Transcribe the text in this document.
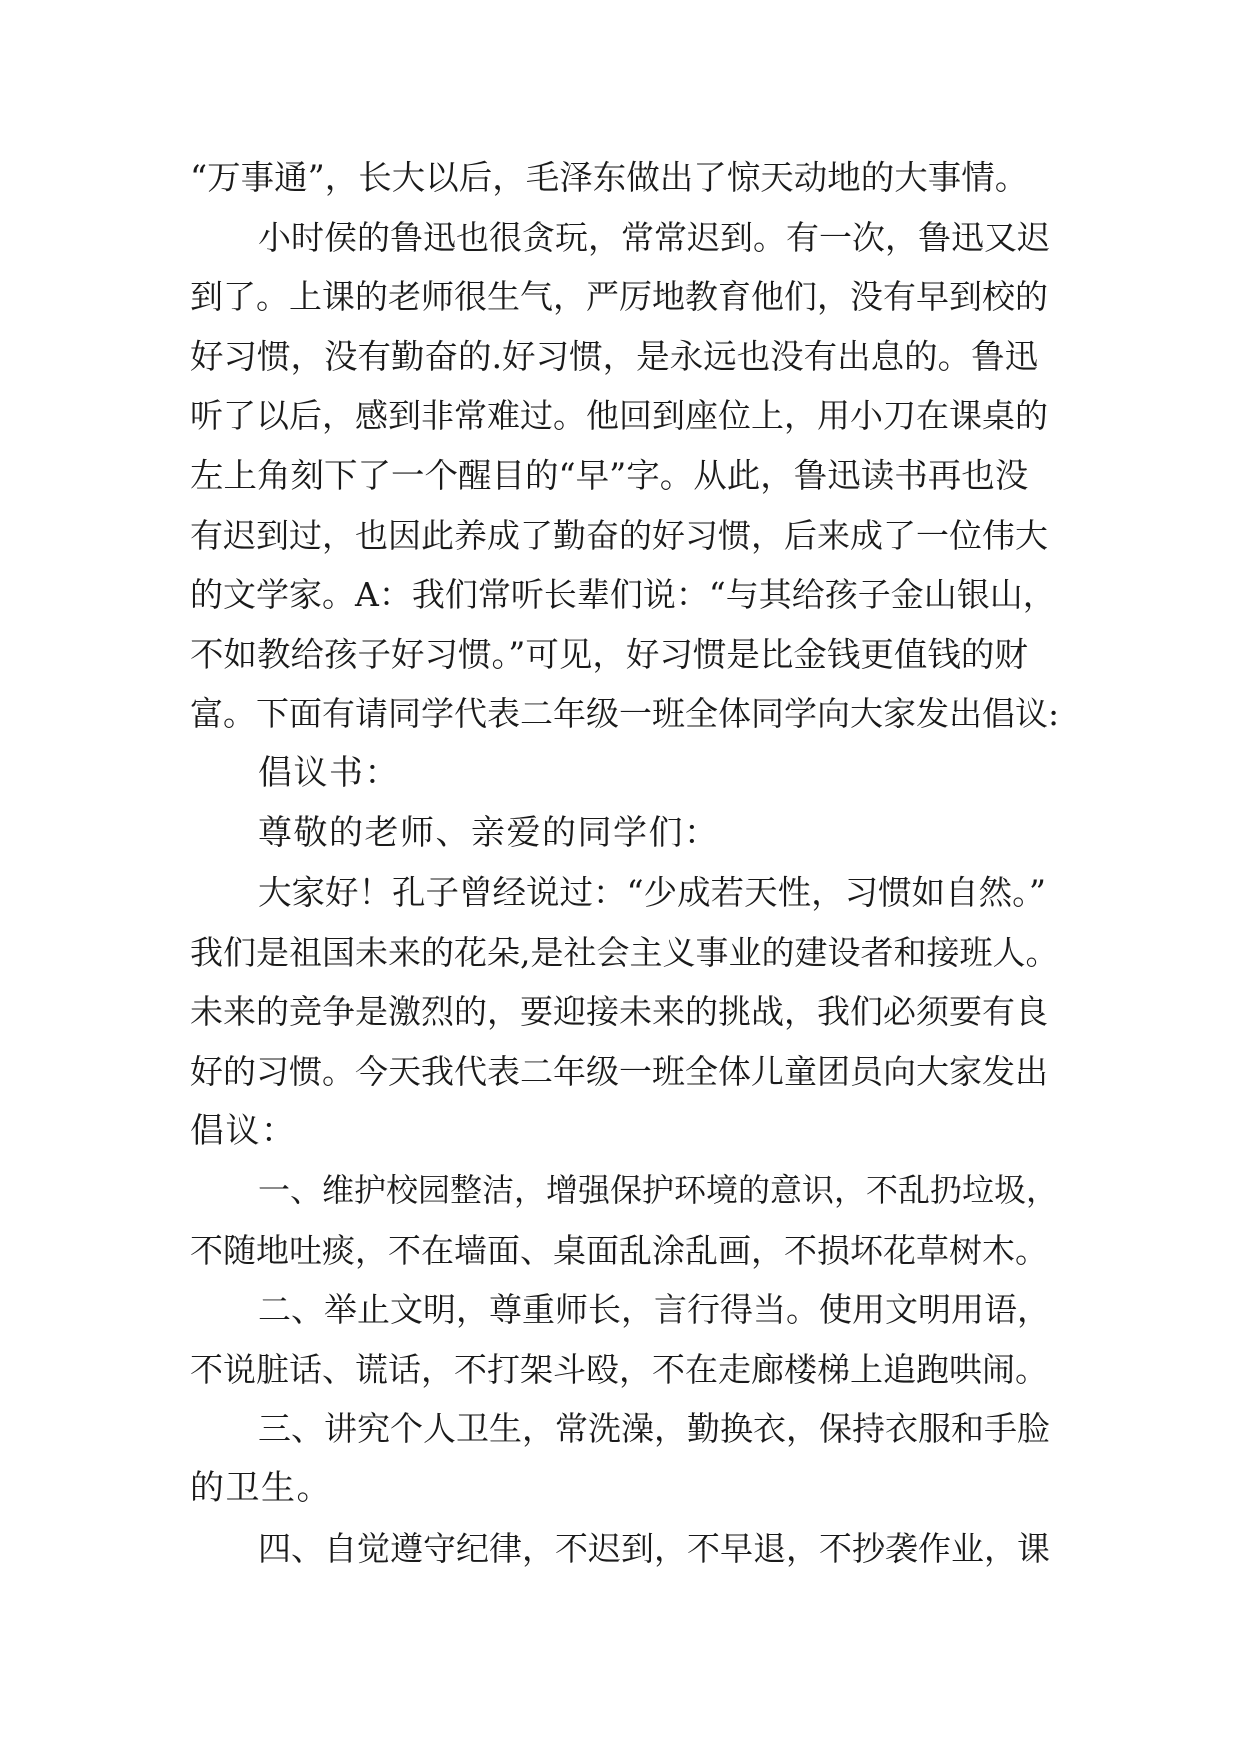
“万事通”，长大以后，毛泽东做出了惊天动地的大事情。
小时侯的鲁迅也很贪玩，常常迟到。有一次，鲁迅又迟
到了。上课的老师很生气，严厉地教育他们，没有早到校的
好习惯，没有勤奋的.好习惯，是永远也没有出息的。鲁迅
听了以后，感到非常难过。他回到座位上，用小刀在课桌的
左上角刻下了一个醒目的“早”字。从此，鲁迅读书再也没
有迟到过，也因此养成了勤奋的好习惯，后来成了一位伟大
的文学家。A：我们常听长辈们说：“与其给孩子金山银山，
不如教给孩子好习惯。”可见，好习惯是比金钱更值钱的财
富。下面有请同学代表二年级一班全体同学向大家发出倡议:
倡议书：
尊敬的老师、亲爱的同学们：
大家好！孔子曾经说过：“少成若天性，习惯如自然。”
我们是祖国未来的花朵,是社会主义事业的建设者和接班人。
未来的竞争是激烈的，要迎接未来的挑战，我们必须要有良
好的习惯。今天我代表二年级一班全体儿童团员向大家发出
倡议：
一、维护校园整洁，增强保护环境的意识，不乱扔垃圾，
不随地吐痰，不在墙面、桌面乱涂乱画，不损坏花草树木。
二、举止文明，尊重师长，言行得当。使用文明用语，
不说脏话、谎话，不打架斗殴，不在走廊楼梯上追跑哄闹。
三、讲究个人卫生，常洗澡，勤换衣，保持衣服和手脸
的卫生。
四、自觉遵守纪律，不迟到，不早退，不抄袭作业，课
